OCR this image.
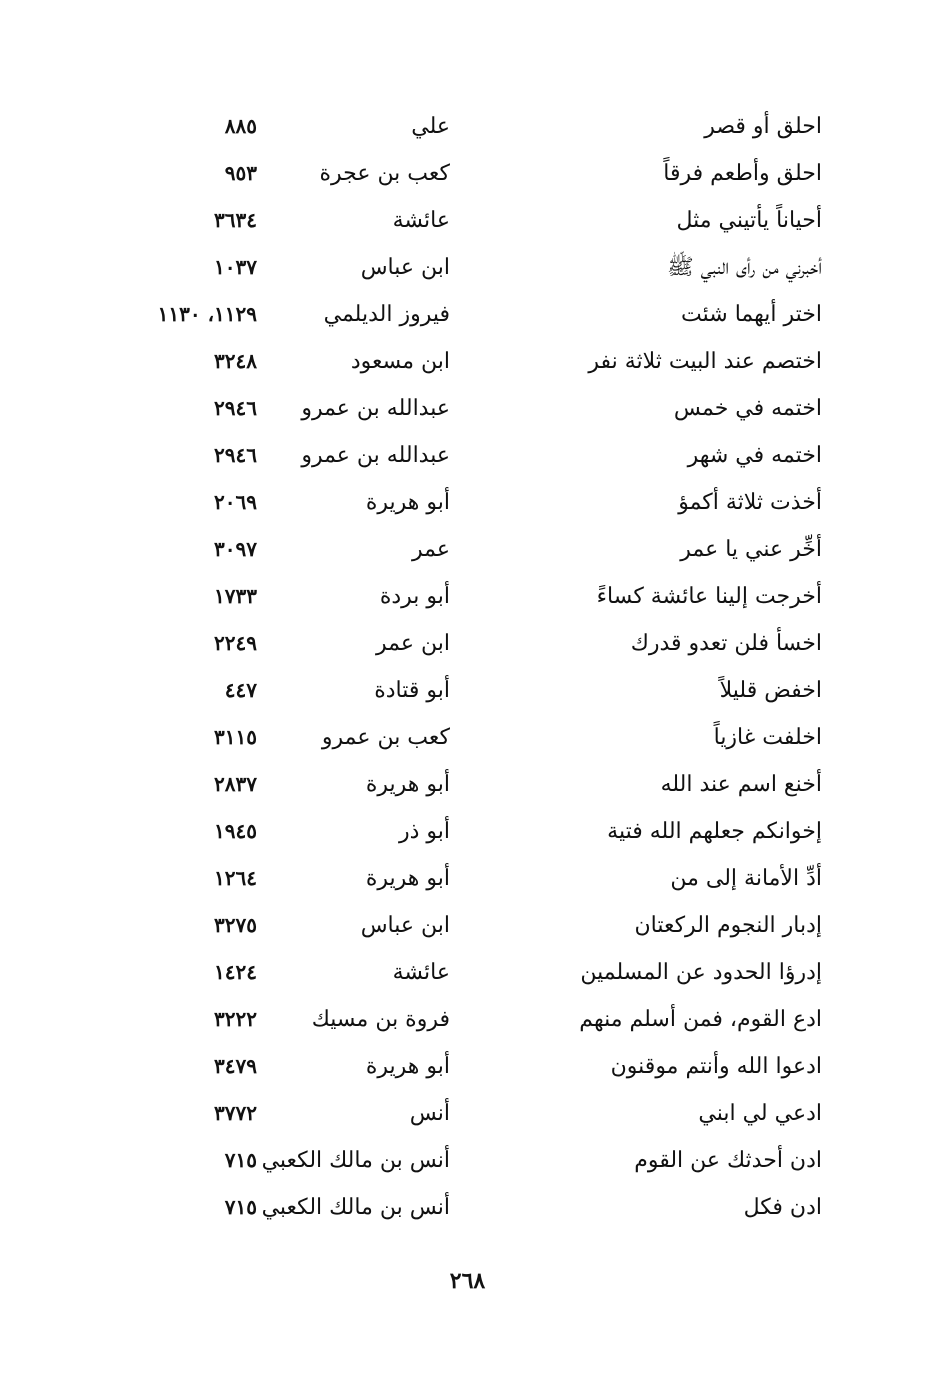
احلق أو قصر
علي
٨٨٥
احلق وأطعم فرقاً
كعب بن عجرة
٩٥٣
أحياناً يأتيني مثل
عائشة
٣٦٣٤
أخبرني من رأى النبي ﷺ
ابن عباس
١٠٣٧
اختر أيهما شئت
فيروز الديلمي
١١٢٩، ١١٣٠
اختصم عند البيت ثلاثة نفر
ابن مسعود
٣٢٤٨
اختمه في خمس
عبدالله بن عمرو
٢٩٤٦
اختمه في شهر
عبدالله بن عمرو
٢٩٤٦
أخذت ثلاثة أكمؤ
أبو هريرة
٢٠٦٩
أخِّر عني يا عمر
عمر
٣٠٩٧
أخرجت إلينا عائشة كساءً
أبو بردة
١٧٣٣
اخسأ فلن تعدو قدرك
ابن عمر
٢٢٤٩
اخفض قليلاً
أبو قتادة
٤٤٧
اخلفت غازياً
كعب بن عمرو
٣١١٥
أخنع اسم عند الله
أبو هريرة
٢٨٣٧
إخوانكم جعلهم الله فتية
أبو ذر
١٩٤٥
أدِّ الأمانة إلى من
أبو هريرة
١٢٦٤
إدبار النجوم الركعتان
ابن عباس
٣٢٧٥
إدرؤا الحدود عن المسلمين
عائشة
١٤٢٤
ادع القوم، فمن أسلم منهم
فروة بن مسيك
٣٢٢٢
ادعوا الله وأنتم موقنون
أبو هريرة
٣٤٧٩
ادعي لي ابني
أنس
٣٧٧٢
ادن أحدثك عن القوم
أنس بن مالك الكعبي
٧١٥
ادن فكل
أنس بن مالك الكعبي
٧١٥
٢٦٨
